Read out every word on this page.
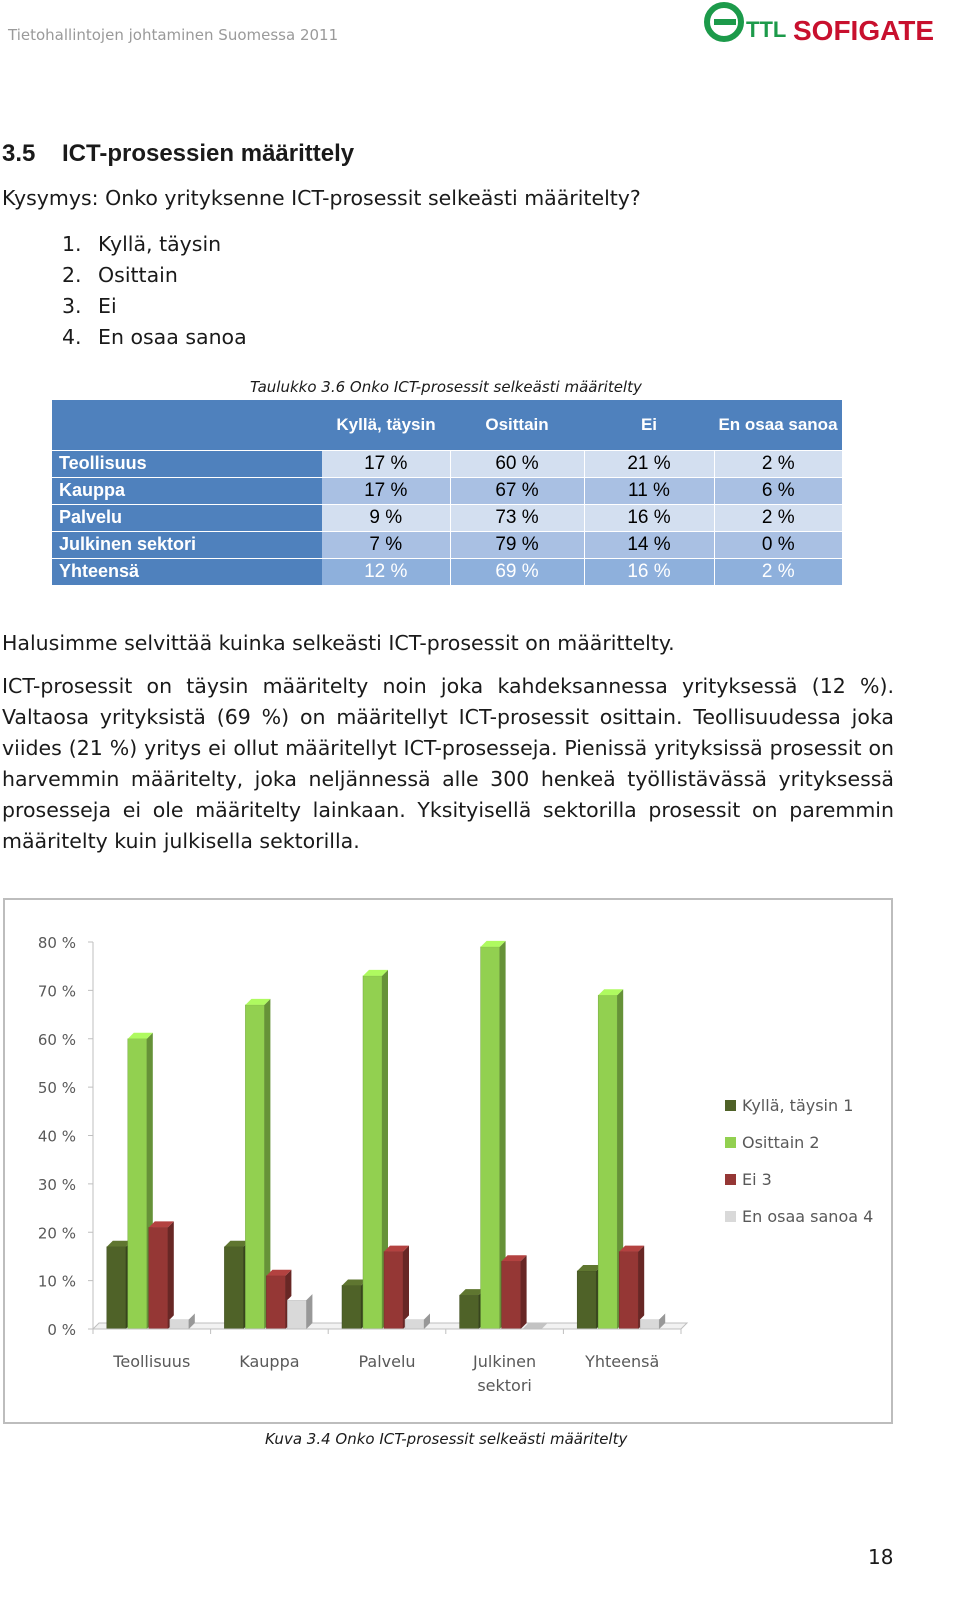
Tietohallintojen johtaminen Suomessa 2011	TTL SOFIGATE
3.5 ICT-prosessien määrittely
Kysymys: Onko yrityksenne ICT-prosessit selkeästi määritelty?
1. Kyllä, täysin
2. Osittain
3. Ei
4. En osaa sanoa
Taulukko 3.6 Onko ICT-prosessit selkeästi määritelty
	Kyllä, täysin	Osittain	Ei	En osaa sanoa
Teollisuus	17 %	60 %	21 %	2 %
Kauppa	17 %	67 %	11 %	6 %
Palvelu	9 %	73 %	16 %	2 %
Julkinen sektori	7 %	79 %	14 %	0 %
Yhteensä	12 %	69 %	16 %	2 %

Halusimme selvittää kuinka selkeästi ICT-prosessit on määrittelty.

ICT-prosessit on täysin määritelty noin joka kahdeksannessa yrityksessä (12 %). Valtaosa yrityksistä (69 %) on määritellyt ICT-prosessit osittain. Teollisuudessa joka viides (21 %) yritys ei ollut määritellyt ICT-prosesseja. Pienissä yrityksissä prosessit on harvemmin määritelty, joka neljännessä alle 300 henkeä työllistävässä yrityksessä prosesseja ei ole määritelty lainkaan. Yksityisellä sektorilla prosessit on paremmin määritelty kuin julkisella sektorilla.

0 %
10 %
20 %
30 %
40 %
50 %
60 %
70 %
80 %
Teollisuus	Kauppa	Palvelu	Julkinen
sektori
Yhteensä
Kyllä, täysin 1
Osittain 2
Ei 3
En osaa sanoa 4
Kuva 3.4 Onko ICT-prosessit selkeästi määritelty
18
